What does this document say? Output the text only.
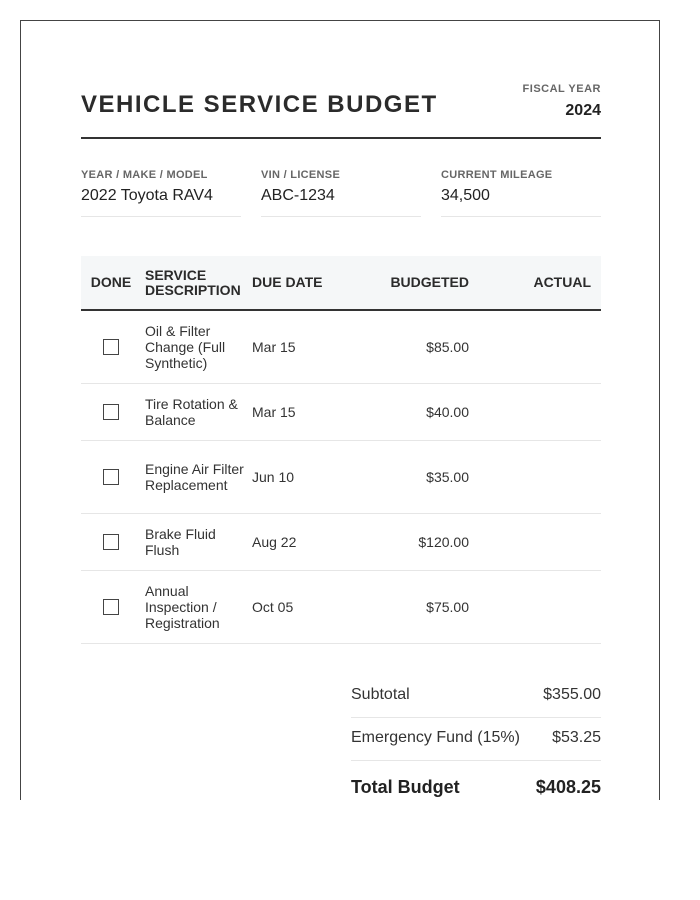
VEHICLE SERVICE BUDGET
FISCAL YEAR
2024
YEAR / MAKE / MODEL
2022 Toyota RAV4
VIN / LICENSE
ABC-1234
CURRENT MILEAGE
34,500
DONE	SERVICE DESCRIPTION	DUE DATE	BUDGETED	ACTUAL
	Oil & Filter Change (Full Synthetic)	Mar 15	$85.00	
	Tire Rotation & Balance	Mar 15	$40.00	
	Engine Air Filter Replacement	Jun 10	$35.00	
	Brake Fluid Flush	Aug 22	$120.00	
	Annual Inspection / Registration	Oct 05	$75.00	
Subtotal	$355.00
Emergency Fund (15%) $53.25
Total Budget	$408.25
